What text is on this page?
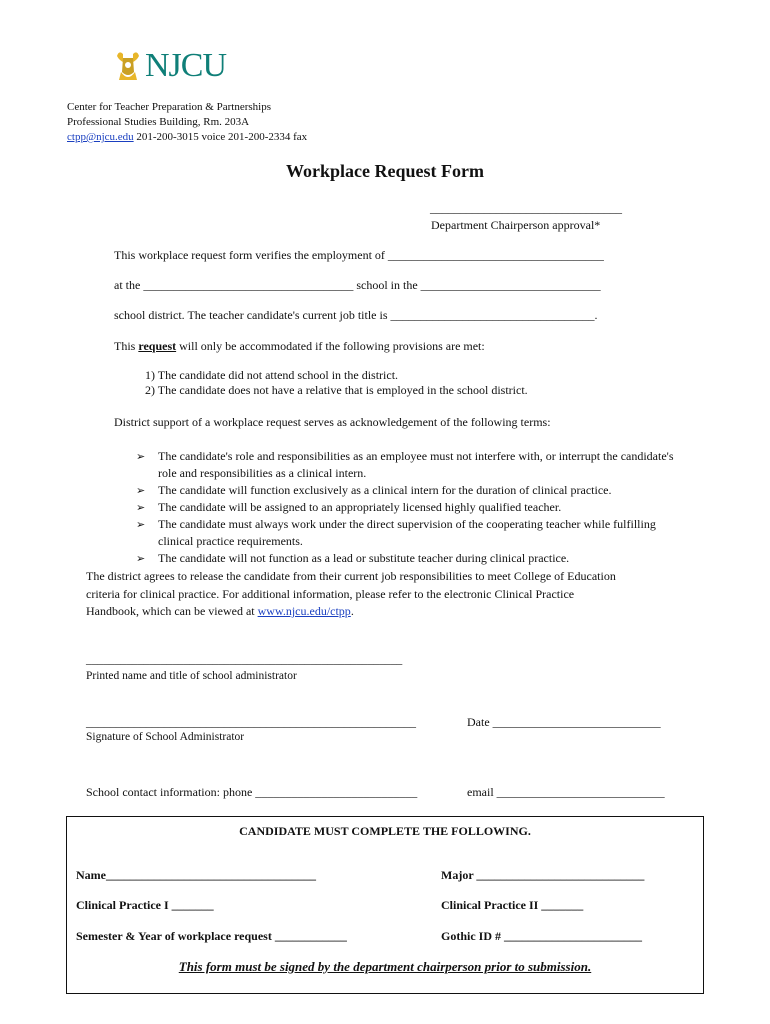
NJCU
Center for Teacher Preparation & Partnerships
Professional Studies Building, Rm. 203A
ctpp@njcu.edu 201-200-3015 voice 201-200-2334 fax
Workplace Request Form
________________________________
Department Chairperson approval*
This workplace request form verifies the employment of ____________________________________
at the ___________________________________ school in the ______________________________
school district. The teacher candidate's current job title is __________________________________.
This request will only be accommodated if the following provisions are met:
1) The candidate did not attend school in the district.
2) The candidate does not have a relative that is employed in the school district.
District support of a workplace request serves as acknowledgement of the following terms:
➢	The candidate's role and responsibilities as an employee must not interfere with, or interrupt the candidate's role and responsibilities as a clinical intern.
➢	The candidate will function exclusively as a clinical intern for the duration of clinical practice.
➢	The candidate will be assigned to an appropriately licensed highly qualified teacher.
➢	The candidate must always work under the direct supervision of the cooperating teacher while fulfilling clinical practice requirements.
➢	The candidate will not function as a lead or substitute teacher during clinical practice.
The district agrees to release the candidate from their current job responsibilities to meet College of Education
criteria for clinical practice. For additional information, please refer to the electronic Clinical Practice
Handbook, which can be viewed at www.njcu.edu/ctpp.
_______________________________________________________
Printed name and title of school administrator
_______________________________________________________	Date ____________________________
Signature of School Administrator
School contact information: phone ___________________________	email ____________________________
CANDIDATE MUST COMPLETE THE FOLLOWING.
Name___________________________________	Major ____________________________
Clinical Practice I _______	Clinical Practice II _______
Semester & Year of workplace request ____________	Gothic ID # _______________________
This form must be signed by the department chairperson prior to submission.
